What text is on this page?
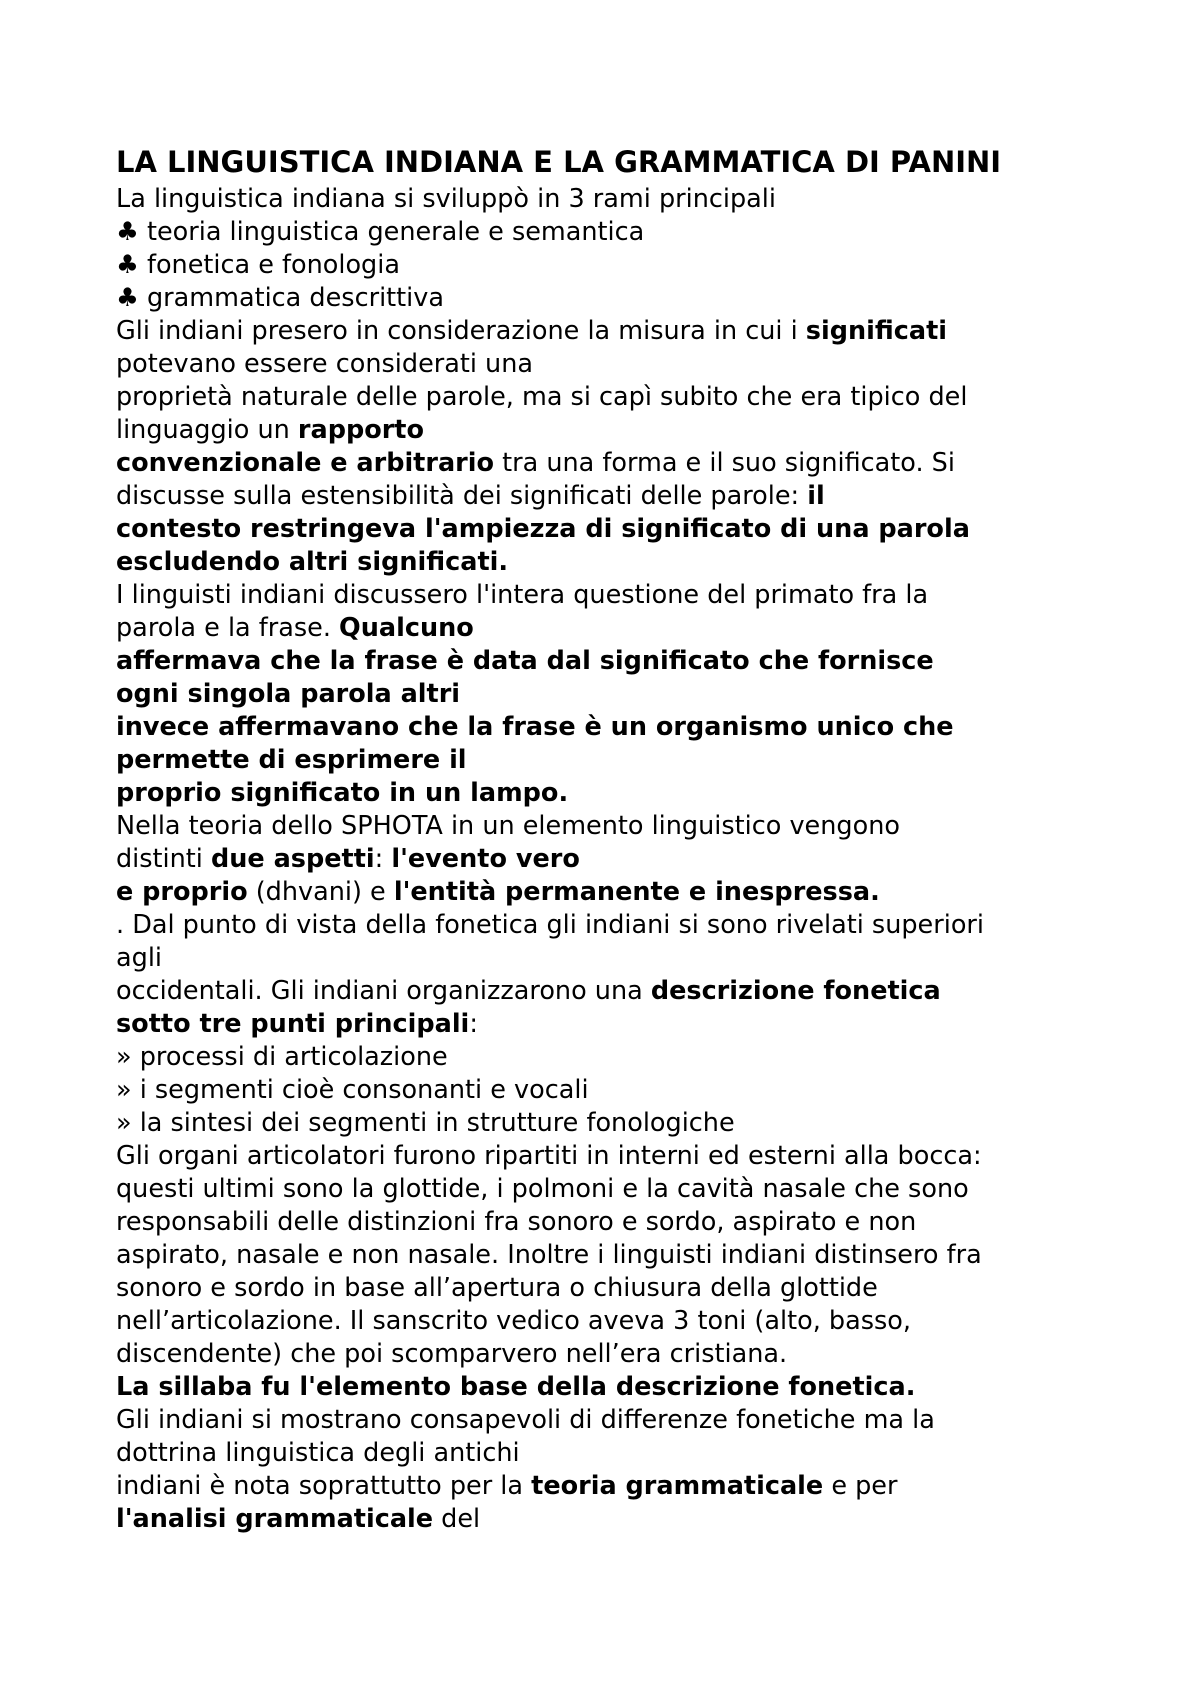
LA LINGUISTICA INDIANA E LA GRAMMATICA DI PANINI
La linguistica indiana si sviluppò in 3 rami principali
♣ teoria linguistica generale e semantica
♣ fonetica e fonologia
♣ grammatica descrittiva
Gli indiani presero in considerazione la misura in cui i significati
potevano essere considerati una
proprietà naturale delle parole, ma si capì subito che era tipico del
linguaggio un rapporto
convenzionale e arbitrario tra una forma e il suo significato. Si
discusse sulla estensibilità dei significati delle parole: il
contesto restringeva l'ampiezza di significato di una parola
escludendo altri significati.
I linguisti indiani discussero l'intera questione del primato fra la
parola e la frase. Qualcuno
affermava che la frase è data dal significato che fornisce
ogni singola parola altri
invece affermavano che la frase è un organismo unico che
permette di esprimere il
proprio significato in un lampo.
Nella teoria dello SPHOTA in un elemento linguistico vengono
distinti due aspetti: l'evento vero
e proprio (dhvani) e l'entità permanente e inespressa.
. Dal punto di vista della fonetica gli indiani si sono rivelati superiori
agli
occidentali. Gli indiani organizzarono una descrizione fonetica
sotto tre punti principali:
» processi di articolazione
» i segmenti cioè consonanti e vocali
» la sintesi dei segmenti in strutture fonologiche
Gli organi articolatori furono ripartiti in interni ed esterni alla bocca:
questi ultimi sono la glottide, i polmoni e la cavità nasale che sono
responsabili delle distinzioni fra sonoro e sordo, aspirato e non
aspirato, nasale e non nasale. Inoltre i linguisti indiani distinsero fra
sonoro e sordo in base all’apertura o chiusura della glottide
nell’articolazione. Il sanscrito vedico aveva 3 toni (alto, basso,
discendente) che poi scomparvero nell’era cristiana.
La sillaba fu l'elemento base della descrizione fonetica.
Gli indiani si mostrano consapevoli di differenze fonetiche ma la
dottrina linguistica degli antichi
indiani è nota soprattutto per la teoria grammaticale e per
l'analisi grammaticale del
